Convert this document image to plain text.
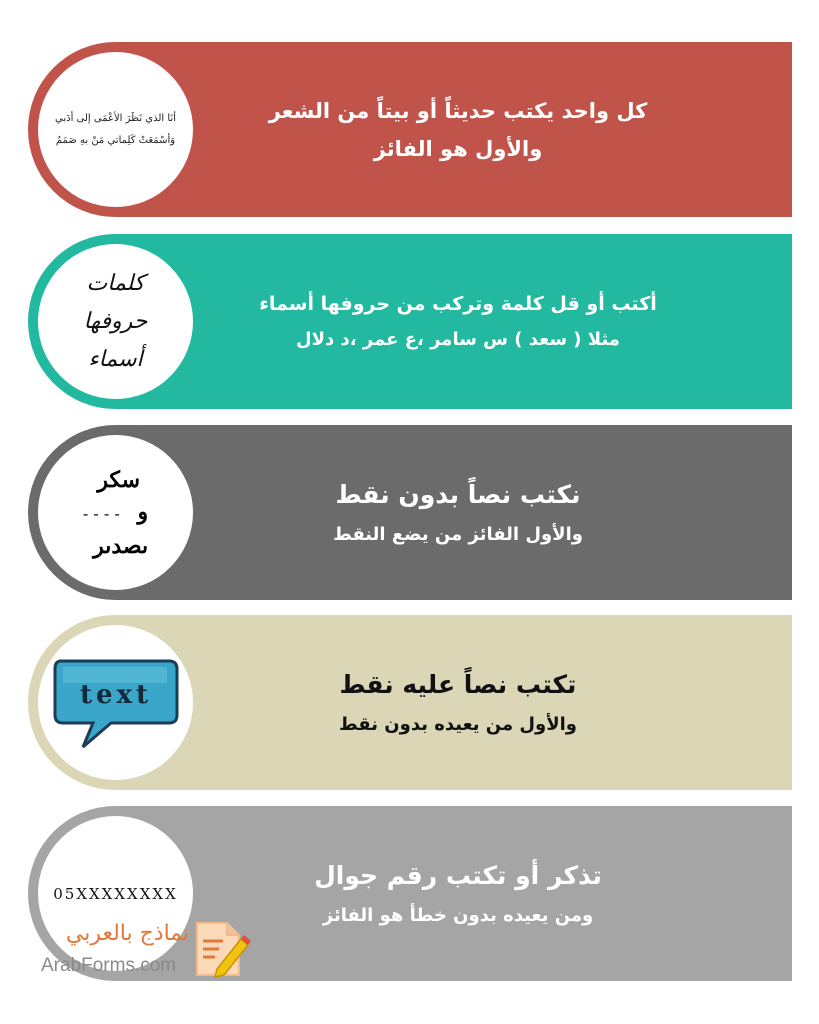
أنَا الذي نَظَرَ الأعْمَى إلى أدَبي
وَأسْمَعَتْ كَلِماتي مَنْ بهِ صَمَمُ
كل واحد يكتب حديثاً أو بيتاً من الشعر
والأول هو الفائز
كلمات
حروفها
أسماء
أكتب أو قل كلمة وتركب من حروفها أسماء
مثلا ( سعد ) س سامر ،ع عمر ،د دلال
سكر
و - - - -
ىصدىر
نكتب نصاً بدون نقط
والأول الفائز من يضع النقط
text	تكتب نصاً عليه نقط
والأول من يعيده بدون نقط
05XXXXXXXX
تذكر أو تكتب رقم جوال
ومن يعيده بدون خطأ هو الفائز
نماذج بالعربي
ArabForms.com
